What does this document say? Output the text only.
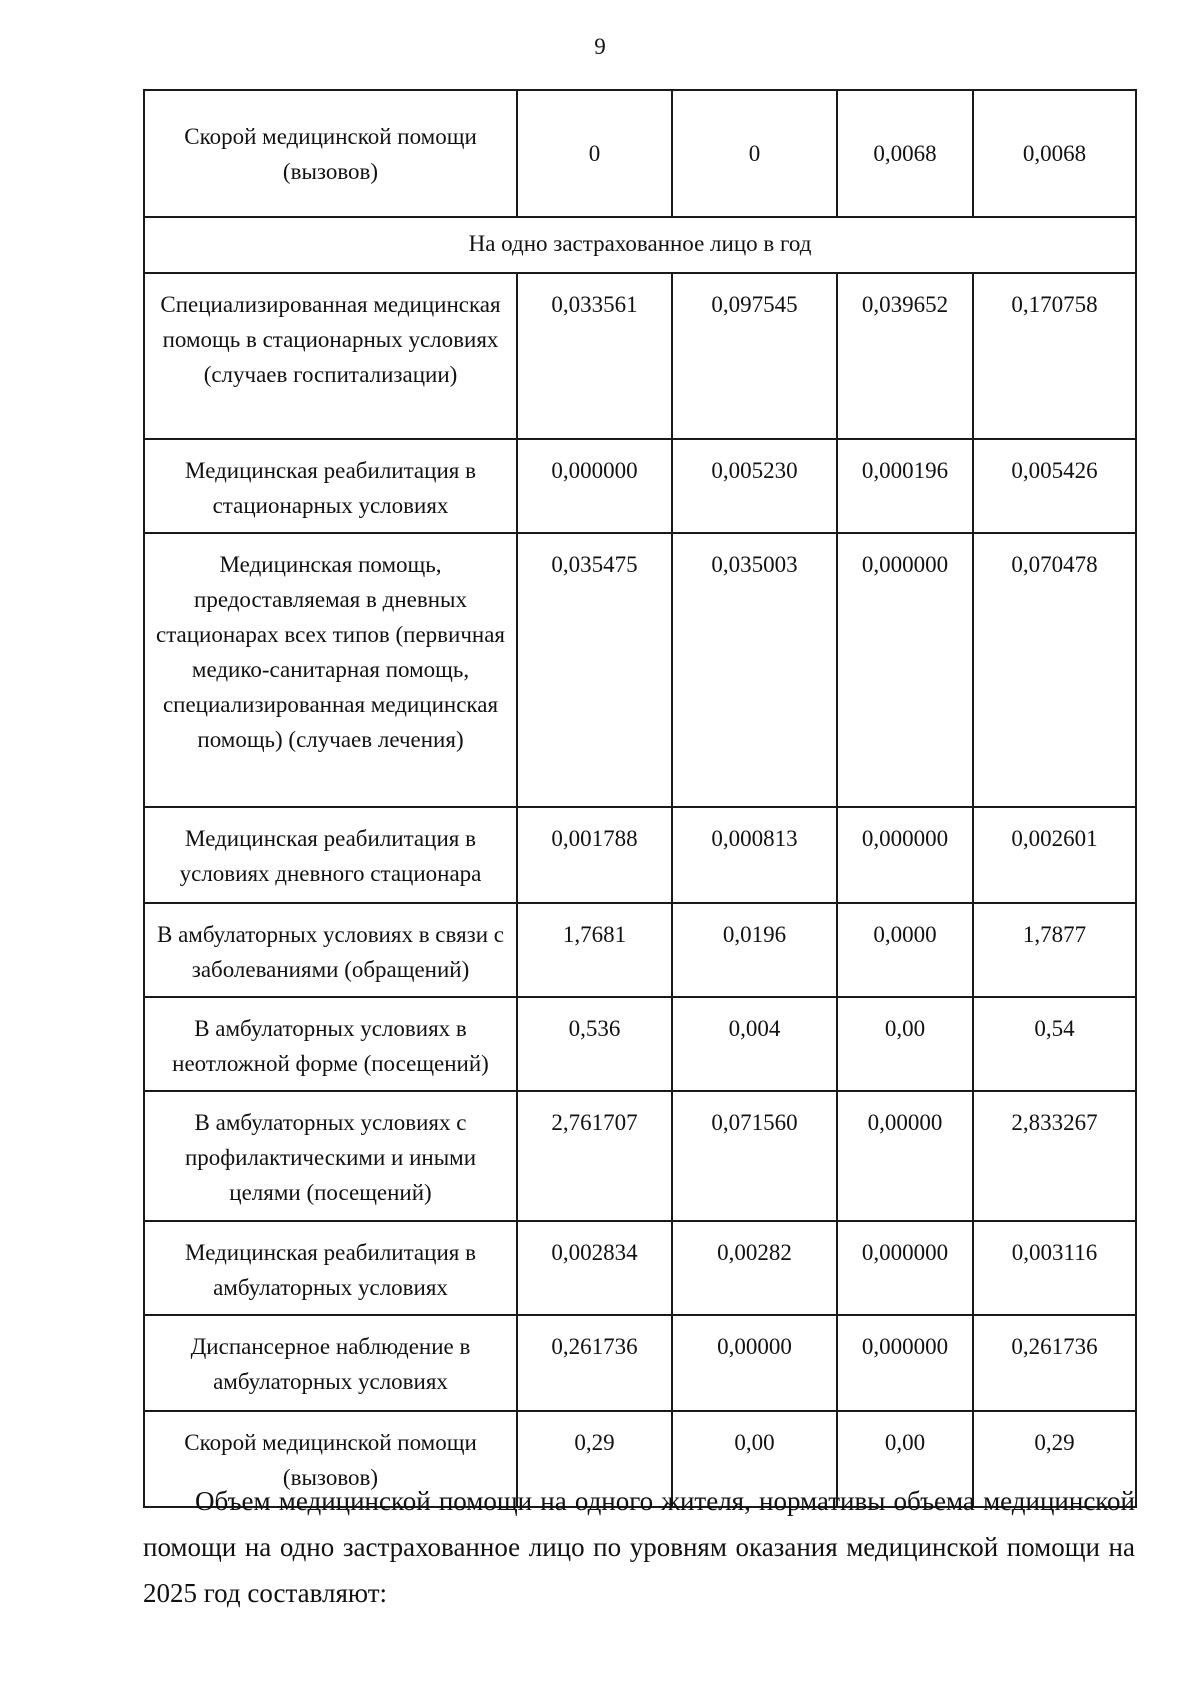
9
Скорой медицинской помощи (вызовов)	0	0	0,0068	0,0068
На одно застрахованное лицо в год				
Специализированная медицинская помощь в стационарных условиях (случаев госпитализации)	0,033561	0,097545	0,039652	0,170758
Медицинская реабилитация в стационарных условиях	0,000000	0,005230	0,000196	0,005426
Медицинская помощь, предоставляемая в дневных стационарах всех типов (первичная медико-санитарная помощь, специализированная медицинская помощь) (случаев лечения)	0,035475	0,035003	0,000000	0,070478
Медицинская реабилитация в условиях дневного стационара	0,001788	0,000813	0,000000	0,002601
В амбулаторных условиях в связи с заболеваниями (обращений)	1,7681	0,0196	0,0000	1,7877
В амбулаторных условиях в неотложной форме (посещений)	0,536	0,004	0,00	0,54
В амбулаторных условиях с профилактическими и иными целями (посещений)	2,761707	0,071560	0,00000	2,833267
Медицинская реабилитация в амбулаторных условиях	0,002834	0,00282	0,000000	0,003116
Диспансерное наблюдение в амбулаторных условиях	0,261736	0,00000	0,000000	0,261736
Скорой медицинской помощи (вызовов)	0,29	0,00	0,00	0,29

Объем медицинской помощи на одного жителя, нормативы объема медицинской помощи на одно застрахованное лицо по уровням оказания медицинской помощи на 2025 год составляют:
